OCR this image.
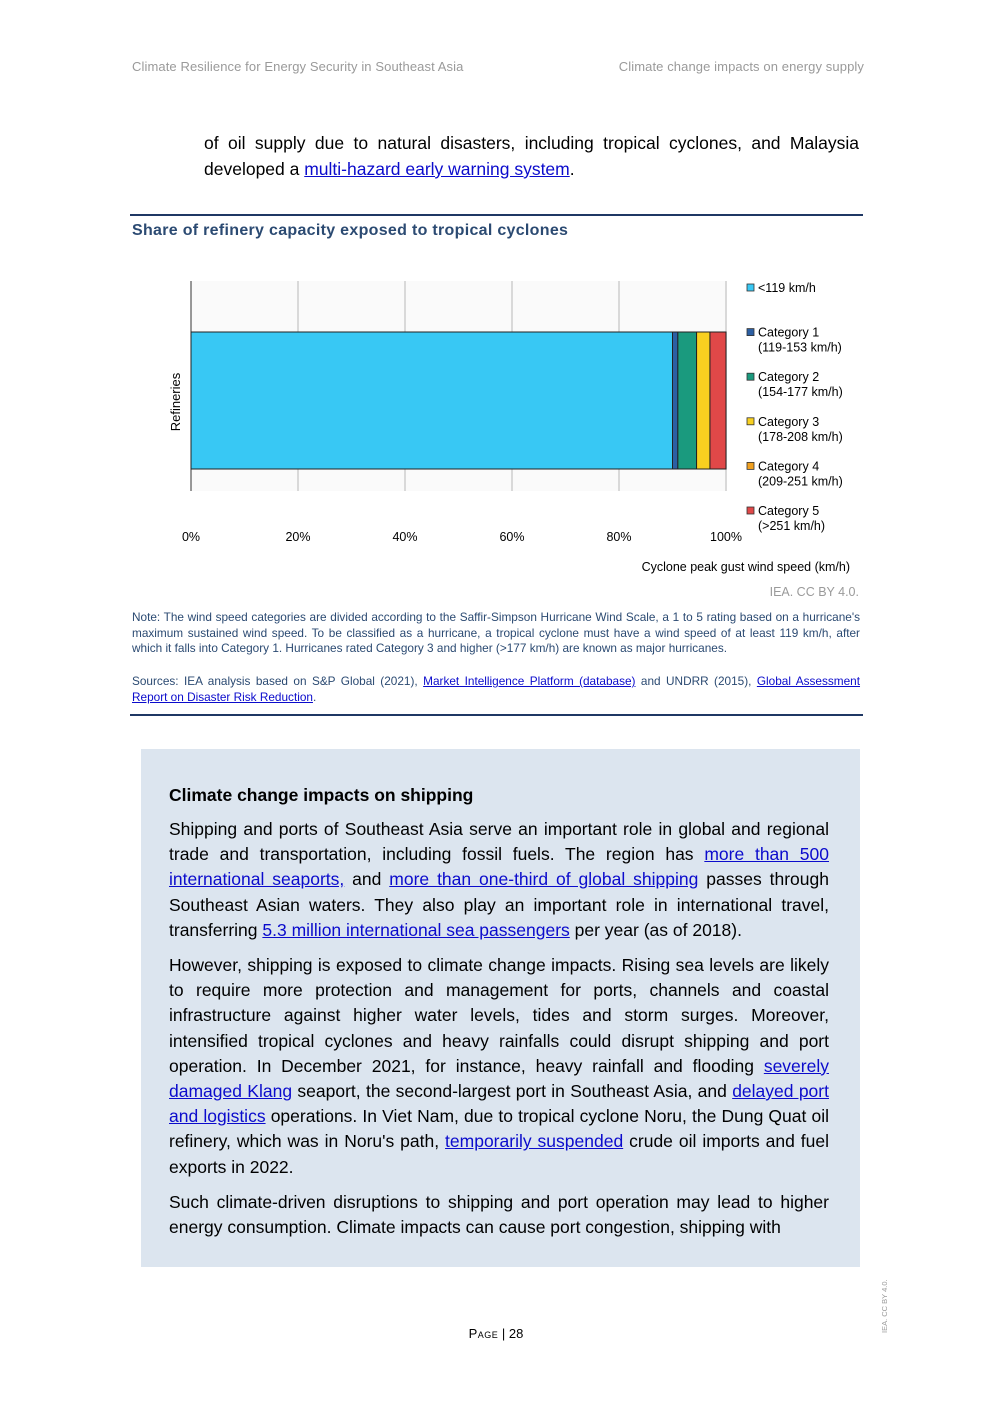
Climate Resilience for Energy Security in Southeast Asia	Climate change impacts on energy supply
of oil supply due to natural disasters, including tropical cyclones, and Malaysia developed a multi-hazard early warning system.
Share of refinery capacity exposed to tropical cyclones
0%	20%	40%	60%	80%	100%
Refineries
Cyclone peak gust wind speed (km/h)
<119 km/h
Category 1
(119-153 km/h)
Category 2
(154-177 km/h)
Category 3
(178-208 km/h)
Category 4
(209-251 km/h)
Category 5
(>251 km/h)
IEA. CC BY 4.0.
Note: The wind speed categories are divided according to the Saffir-Simpson Hurricane Wind Scale, a 1 to 5 rating based on a hurricane's maximum sustained wind speed. To be classified as a hurricane, a tropical cyclone must have a wind speed of at least 119 km/h, after which it falls into Category 1. Hurricanes rated Category 3 and higher (>177 km/h) are known as major hurricanes.
Sources: IEA analysis based on S&P Global (2021), Market Intelligence Platform (database) and UNDRR (2015), Global Assessment Report on Disaster Risk Reduction.
Climate change impacts on shipping

Shipping and ports of Southeast Asia serve an important role in global and regional trade and transportation, including fossil fuels. The region has more than 500 international seaports, and more than one-third of global shipping passes through Southeast Asian waters. They also play an important role in international travel, transferring 5.3 million international sea passengers per year (as of 2018).

However, shipping is exposed to climate change impacts. Rising sea levels are likely to require more protection and management for ports, channels and coastal infrastructure against higher water levels, tides and storm surges. Moreover, intensified tropical cyclones and heavy rainfalls could disrupt shipping and port operation. In December 2021, for instance, heavy rainfall and flooding severely damaged Klang seaport, the second-largest port in Southeast Asia, and delayed port and logistics operations. In Viet Nam, due to tropical cyclone Noru, the Dung Quat oil refinery, which was in Noru's path, temporarily suspended crude oil imports and fuel exports in 2022.

Such climate-driven disruptions to shipping and port operation may lead to higher energy consumption. Climate impacts can cause port congestion, shipping with

Page | 28
IEA. CC BY 4.0.
